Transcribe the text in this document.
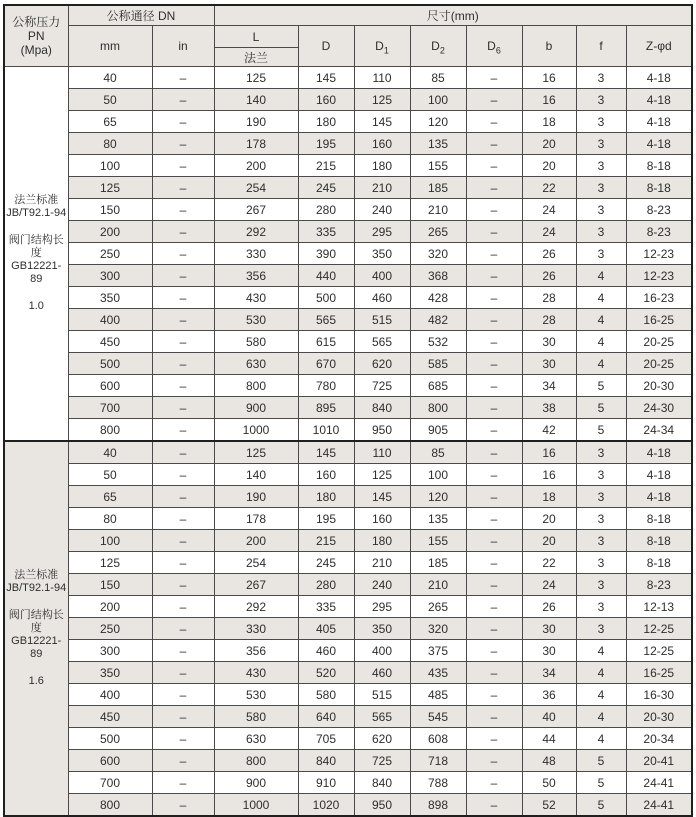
公称压力
PN
(Mpa)	公称通径 DN		尺寸(mm)							
	mm	in	L	D	$D_1$	$D_2$	$D_6$	b	f	Z-φd
			法兰							

法兰标准
JB/T92.1-94
阀门结构长度
GB12221-89
1.0	40	–	125	145	110	85	–	16	3	4-18
	50	–	140	160	125	100	–	16	3	4-18
	65	–	190	180	145	120	–	18	3	4-18
	80	–	178	195	160	135	–	20	3	4-18
	100	–	200	215	180	155	–	20	3	8-18
	125	–	254	245	210	185	–	22	3	8-18
	150	–	267	280	240	210	–	24	3	8-23
	200	–	292	335	295	265	–	24	3	8-23
	250	–	330	390	350	320	–	26	3	12-23
	300	–	356	440	400	368	–	26	4	12-23
	350	–	430	500	460	428	–	28	4	16-23
	400	–	530	565	515	482	–	28	4	16-25
	450	–	580	615	565	532	–	30	4	20-25
	500	–	630	670	620	585	–	30	4	20-25
	600	–	800	780	725	685	–	34	5	20-30
	700	–	900	895	840	800	–	38	5	24-30
	800	–	1000	1010	950	905	–	42	5	24-34

法兰标准
JB/T92.1-94
阀门结构长度
GB12221-89
1.6	40	–	125	145	110	85	–	16	3	4-18
	50	–	140	160	125	100	–	16	3	4-18
	65	–	190	180	145	120	–	18	3	4-18
	80	–	178	195	160	135	–	20	3	8-18
	100	–	200	215	180	155	–	20	3	8-18
	125	–	254	245	210	185	–	22	3	8-18
	150	–	267	280	240	210	–	24	3	8-23
	200	–	292	335	295	265	–	26	3	12-13
	250	–	330	405	350	320	–	30	3	12-25
	300	–	356	460	400	375	–	30	4	12-25
	350	–	430	520	460	435	–	34	4	16-25
	400	–	530	580	515	485	–	36	4	16-30
	450	–	580	640	565	545	–	40	4	20-30
	500	–	630	705	620	608	–	44	4	20-34
	600	–	800	840	725	718	–	48	5	20-41
	700	–	900	910	840	788	–	50	5	24-41
	800	–	1000	1020	950	898	–	52	5	24-41
